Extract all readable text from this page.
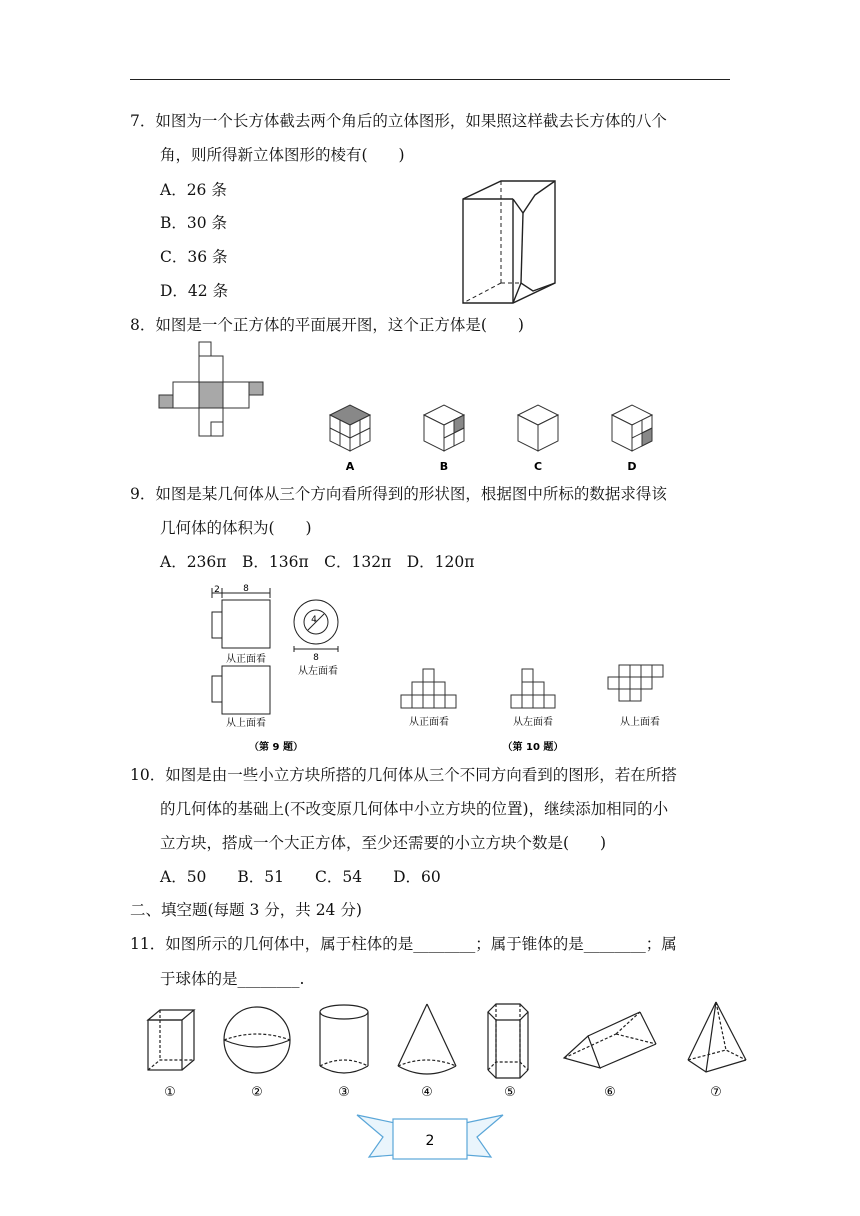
7．如图为一个长方体截去两个角后的立体图形，如果照这样截去长方体的八个
角，则所得新立体图形的棱有(　　)
A．26 条
B．30 条
C．36 条
D．42 条
8．如图是一个正方体的平面展开图，这个正方体是(　　)
A	B	C	D
9．如图是某几何体从三个方向看所得到的形状图，根据图中所标的数据求得该
几何体的体积为(　　)
A．236π　B．136π　C．132π　D．120π
2	8
4
8
从正面看
从左面看
从上面看
（第 9 题）
从正面看	从左面看	从上面看
（第 10 题）
10．如图是由一些小立方块所搭的几何体从三个不同方向看到的图形，若在所搭
的几何体的基础上(不改变原几何体中小立方块的位置)，继续添加相同的小
立方块，搭成一个大正方体，至少还需要的小立方块个数是(　　)
A．50　　B．51　　C．54　　D．60
二、填空题(每题 3 分，共 24 分)
11．如图所示的几何体中，属于柱体的是________；属于锥体的是________；属
于球体的是________.
①	②	③	④	⑤	⑥	⑦
2
